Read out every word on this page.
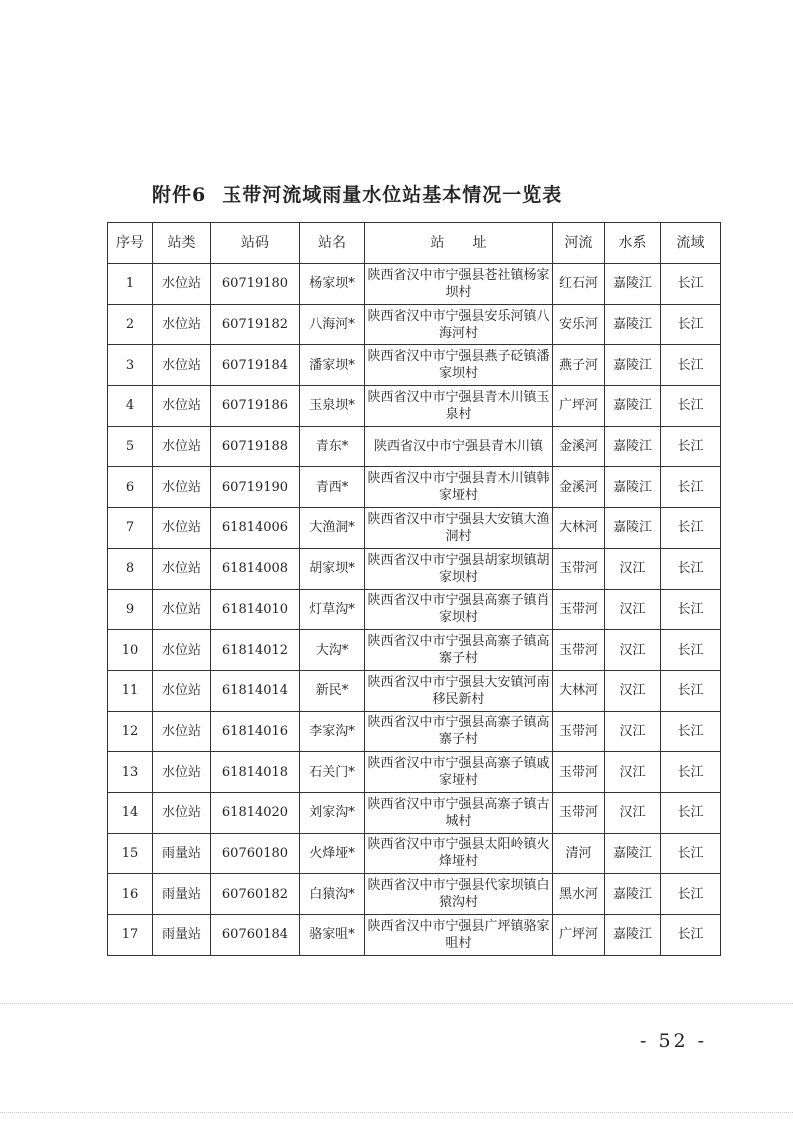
附件6 玉带河流域雨量水位站基本情况一览表
序号	站类	站码	站名	站　　址	河流	水系	流域
1	水位站	60719180	杨家坝*	陕西省汉中市宁强县苍社镇杨家坝村	红石河	嘉陵江	长江
2	水位站	60719182	八海河*	陕西省汉中市宁强县安乐河镇八海河村	安乐河	嘉陵江	长江
3	水位站	60719184	潘家坝*	陕西省汉中市宁强县燕子砭镇潘家坝村	燕子河	嘉陵江	长江
4	水位站	60719186	玉泉坝*	陕西省汉中市宁强县青木川镇玉泉村	广坪河	嘉陵江	长江
5	水位站	60719188	青东*	陕西省汉中市宁强县青木川镇	金溪河	嘉陵江	长江
6	水位站	60719190	青西*	陕西省汉中市宁强县青木川镇韩家垭村	金溪河	嘉陵江	长江
7	水位站	61814006	大渔洞*	陕西省汉中市宁强县大安镇大渔洞村	大林河	嘉陵江	长江
8	水位站	61814008	胡家坝*	陕西省汉中市宁强县胡家坝镇胡家坝村	玉带河	汉江	长江
9	水位站	61814010	灯草沟*	陕西省汉中市宁强县高寨子镇肖家坝村	玉带河	汉江	长江
10	水位站	61814012	大沟*	陕西省汉中市宁强县高寨子镇高寨子村	玉带河	汉江	长江
11	水位站	61814014	新民*	陕西省汉中市宁强县大安镇河南移民新村	大林河	汉江	长江
12	水位站	61814016	李家沟*	陕西省汉中市宁强县高寨子镇高寨子村	玉带河	汉江	长江
13	水位站	61814018	石关门*	陕西省汉中市宁强县高寨子镇戚家垭村	玉带河	汉江	长江
14	水位站	61814020	刘家沟*	陕西省汉中市宁强县高寨子镇古城村	玉带河	汉江	长江
15	雨量站	60760180	火烽垭*	陕西省汉中市宁强县太阳岭镇火烽垭村	清河	嘉陵江	长江
16	雨量站	60760182	白猿沟*	陕西省汉中市宁强县代家坝镇白猿沟村	黑水河	嘉陵江	长江
17	雨量站	60760184	骆家咀*	陕西省汉中市宁强县广坪镇骆家咀村	广坪河	嘉陵江	长江
- 52 -
